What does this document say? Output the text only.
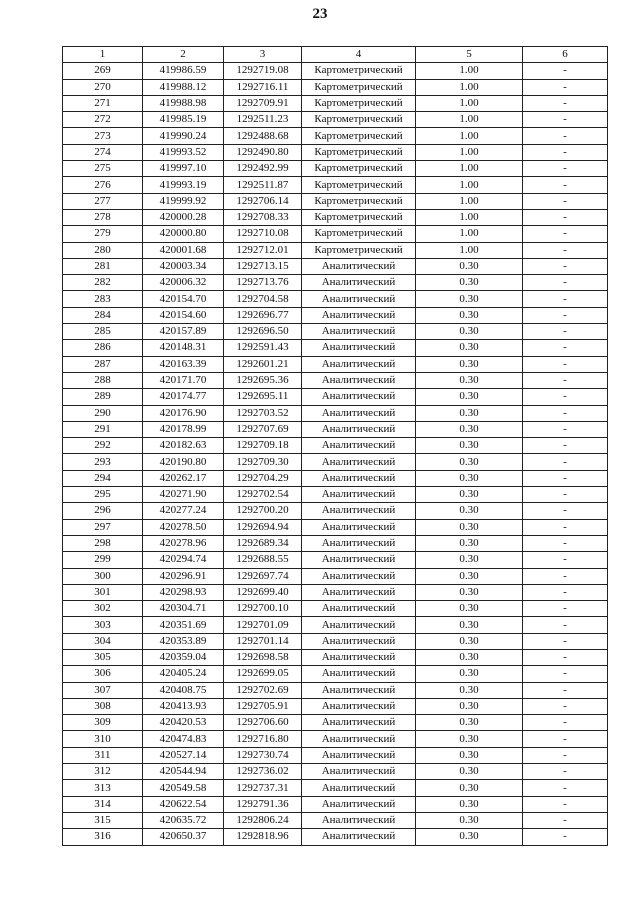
23
1	2	3	4	5	6
269	419986.59	1292719.08	Картометрический	1.00	-
270	419988.12	1292716.11	Картометрический	1.00	-
271	419988.98	1292709.91	Картометрический	1.00	-
272	419985.19	1292511.23	Картометрический	1.00	-
273	419990.24	1292488.68	Картометрический	1.00	-
274	419993.52	1292490.80	Картометрический	1.00	-
275	419997.10	1292492.99	Картометрический	1.00	-
276	419993.19	1292511.87	Картометрический	1.00	-
277	419999.92	1292706.14	Картометрический	1.00	-
278	420000.28	1292708.33	Картометрический	1.00	-
279	420000.80	1292710.08	Картометрический	1.00	-
280	420001.68	1292712.01	Картометрический	1.00	-
281	420003.34	1292713.15	Аналитический	0.30	-
282	420006.32	1292713.76	Аналитический	0.30	-
283	420154.70	1292704.58	Аналитический	0.30	-
284	420154.60	1292696.77	Аналитический	0.30	-
285	420157.89	1292696.50	Аналитический	0.30	-
286	420148.31	1292591.43	Аналитический	0.30	-
287	420163.39	1292601.21	Аналитический	0.30	-
288	420171.70	1292695.36	Аналитический	0.30	-
289	420174.77	1292695.11	Аналитический	0.30	-
290	420176.90	1292703.52	Аналитический	0.30	-
291	420178.99	1292707.69	Аналитический	0.30	-
292	420182.63	1292709.18	Аналитический	0.30	-
293	420190.80	1292709.30	Аналитический	0.30	-
294	420262.17	1292704.29	Аналитический	0.30	-
295	420271.90	1292702.54	Аналитический	0.30	-
296	420277.24	1292700.20	Аналитический	0.30	-
297	420278.50	1292694.94	Аналитический	0.30	-
298	420278.96	1292689.34	Аналитический	0.30	-
299	420294.74	1292688.55	Аналитический	0.30	-
300	420296.91	1292697.74	Аналитический	0.30	-
301	420298.93	1292699.40	Аналитический	0.30	-
302	420304.71	1292700.10	Аналитический	0.30	-
303	420351.69	1292701.09	Аналитический	0.30	-
304	420353.89	1292701.14	Аналитический	0.30	-
305	420359.04	1292698.58	Аналитический	0.30	-
306	420405.24	1292699.05	Аналитический	0.30	-
307	420408.75	1292702.69	Аналитический	0.30	-
308	420413.93	1292705.91	Аналитический	0.30	-
309	420420.53	1292706.60	Аналитический	0.30	-
310	420474.83	1292716.80	Аналитический	0.30	-
311	420527.14	1292730.74	Аналитический	0.30	-
312	420544.94	1292736.02	Аналитический	0.30	-
313	420549.58	1292737.31	Аналитический	0.30	-
314	420622.54	1292791.36	Аналитический	0.30	-
315	420635.72	1292806.24	Аналитический	0.30	-
316	420650.37	1292818.96	Аналитический	0.30	-
